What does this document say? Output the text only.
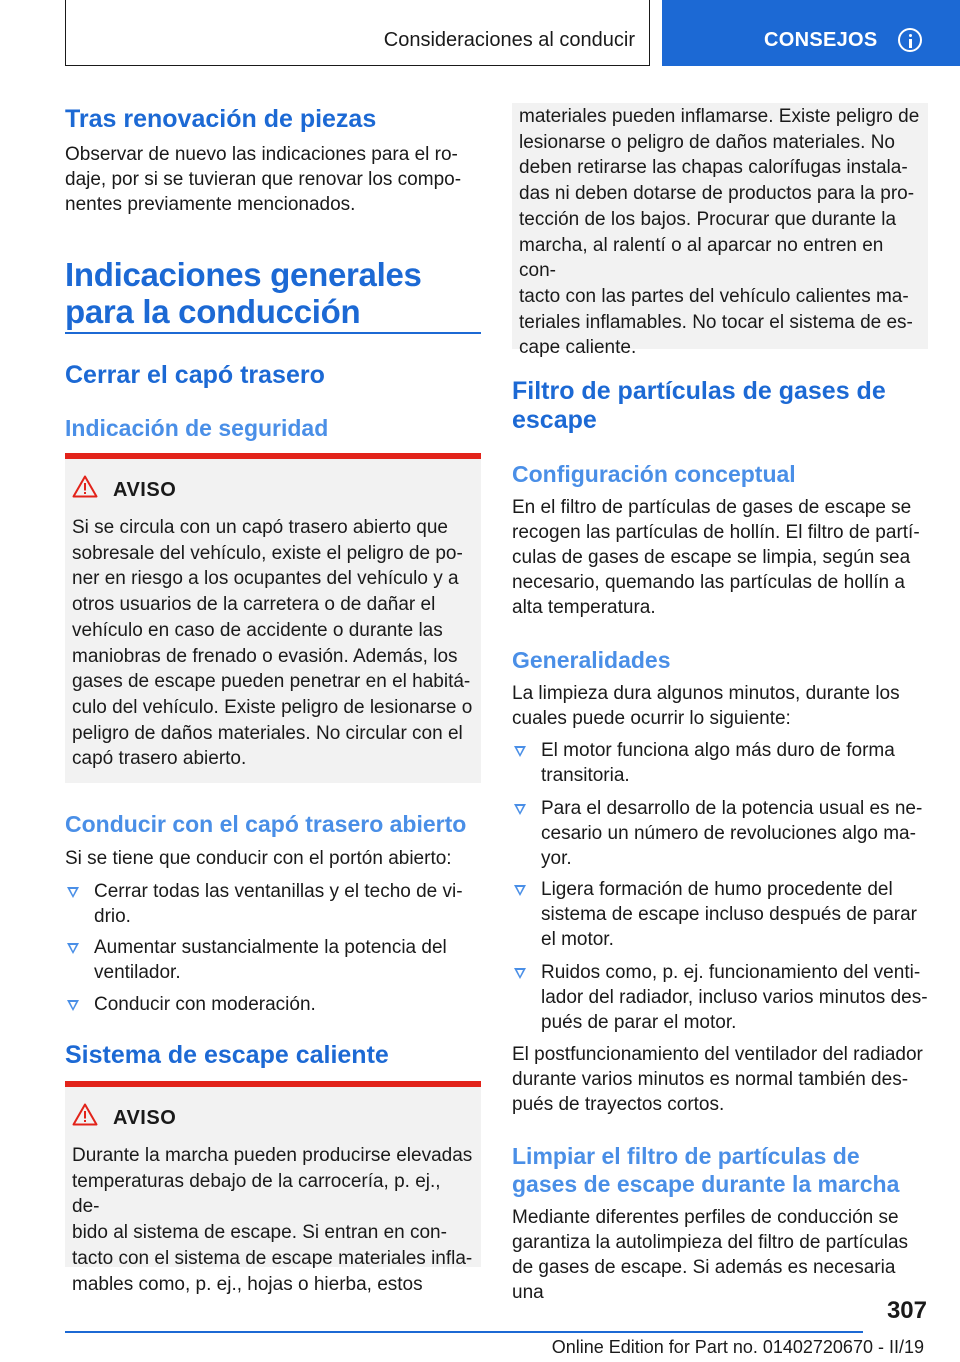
Consideraciones al conducir	CONSEJOS
Tras renovación de piezas
Observar de nuevo las indicaciones para el ro-
daje, por si se tuvieran que renovar los compo-
nentes previamente mencionados.
Indicaciones generales
para la conducción
Cerrar el capó trasero
Indicación de seguridad
AVISO
Si se circula con un capó trasero abierto que
sobresale del vehículo, existe el peligro de po-
ner en riesgo a los ocupantes del vehículo y a
otros usuarios de la carretera o de dañar el
vehículo en caso de accidente o durante las
maniobras de frenado o evasión. Además, los
gases de escape pueden penetrar en el habitá-
culo del vehículo. Existe peligro de lesionarse o
peligro de daños materiales. No circular con el
capó trasero abierto.
Conducir con el capó trasero abierto
Si se tiene que conducir con el portón abierto:
Cerrar todas las ventanillas y el techo de vi-
drio.
Aumentar sustancialmente la potencia del
ventilador.
Conducir con moderación.
Sistema de escape caliente
AVISO
Durante la marcha pueden producirse elevadas
temperaturas debajo de la carrocería, p. ej., de-
bido al sistema de escape. Si entran en con-
tacto con el sistema de escape materiales infla-
mables como, p. ej., hojas o hierba, estos
materiales pueden inflamarse. Existe peligro de
lesionarse o peligro de daños materiales. No
deben retirarse las chapas calorífugas instala-
das ni deben dotarse de productos para la pro-
tección de los bajos. Procurar que durante la
marcha, al ralentí o al aparcar no entren en con-
tacto con las partes del vehículo calientes ma-
teriales inflamables. No tocar el sistema de es-
cape caliente.
Filtro de partículas de gases de
escape
Configuración conceptual
En el filtro de partículas de gases de escape se
recogen las partículas de hollín. El filtro de partí-
culas de gases de escape se limpia, según sea
necesario, quemando las partículas de hollín a
alta temperatura.
Generalidades
La limpieza dura algunos minutos, durante los
cuales puede ocurrir lo siguiente:
El motor funciona algo más duro de forma
transitoria.
Para el desarrollo de la potencia usual es ne-
cesario un número de revoluciones algo ma-
yor.
Ligera formación de humo procedente del
sistema de escape incluso después de parar
el motor.
Ruidos como, p. ej. funcionamiento del venti-
lador del radiador, incluso varios minutos des-
pués de parar el motor.
El postfuncionamiento del ventilador del radiador
durante varios minutos es normal también des-
pués de trayectos cortos.
Limpiar el filtro de partículas de
gases de escape durante la marcha
Mediante diferentes perfiles de conducción se
garantiza la autolimpieza del filtro de partículas
de gases de escape. Si además es necesaria una
307
Online Edition for Part no. 01402720670 - II/19
